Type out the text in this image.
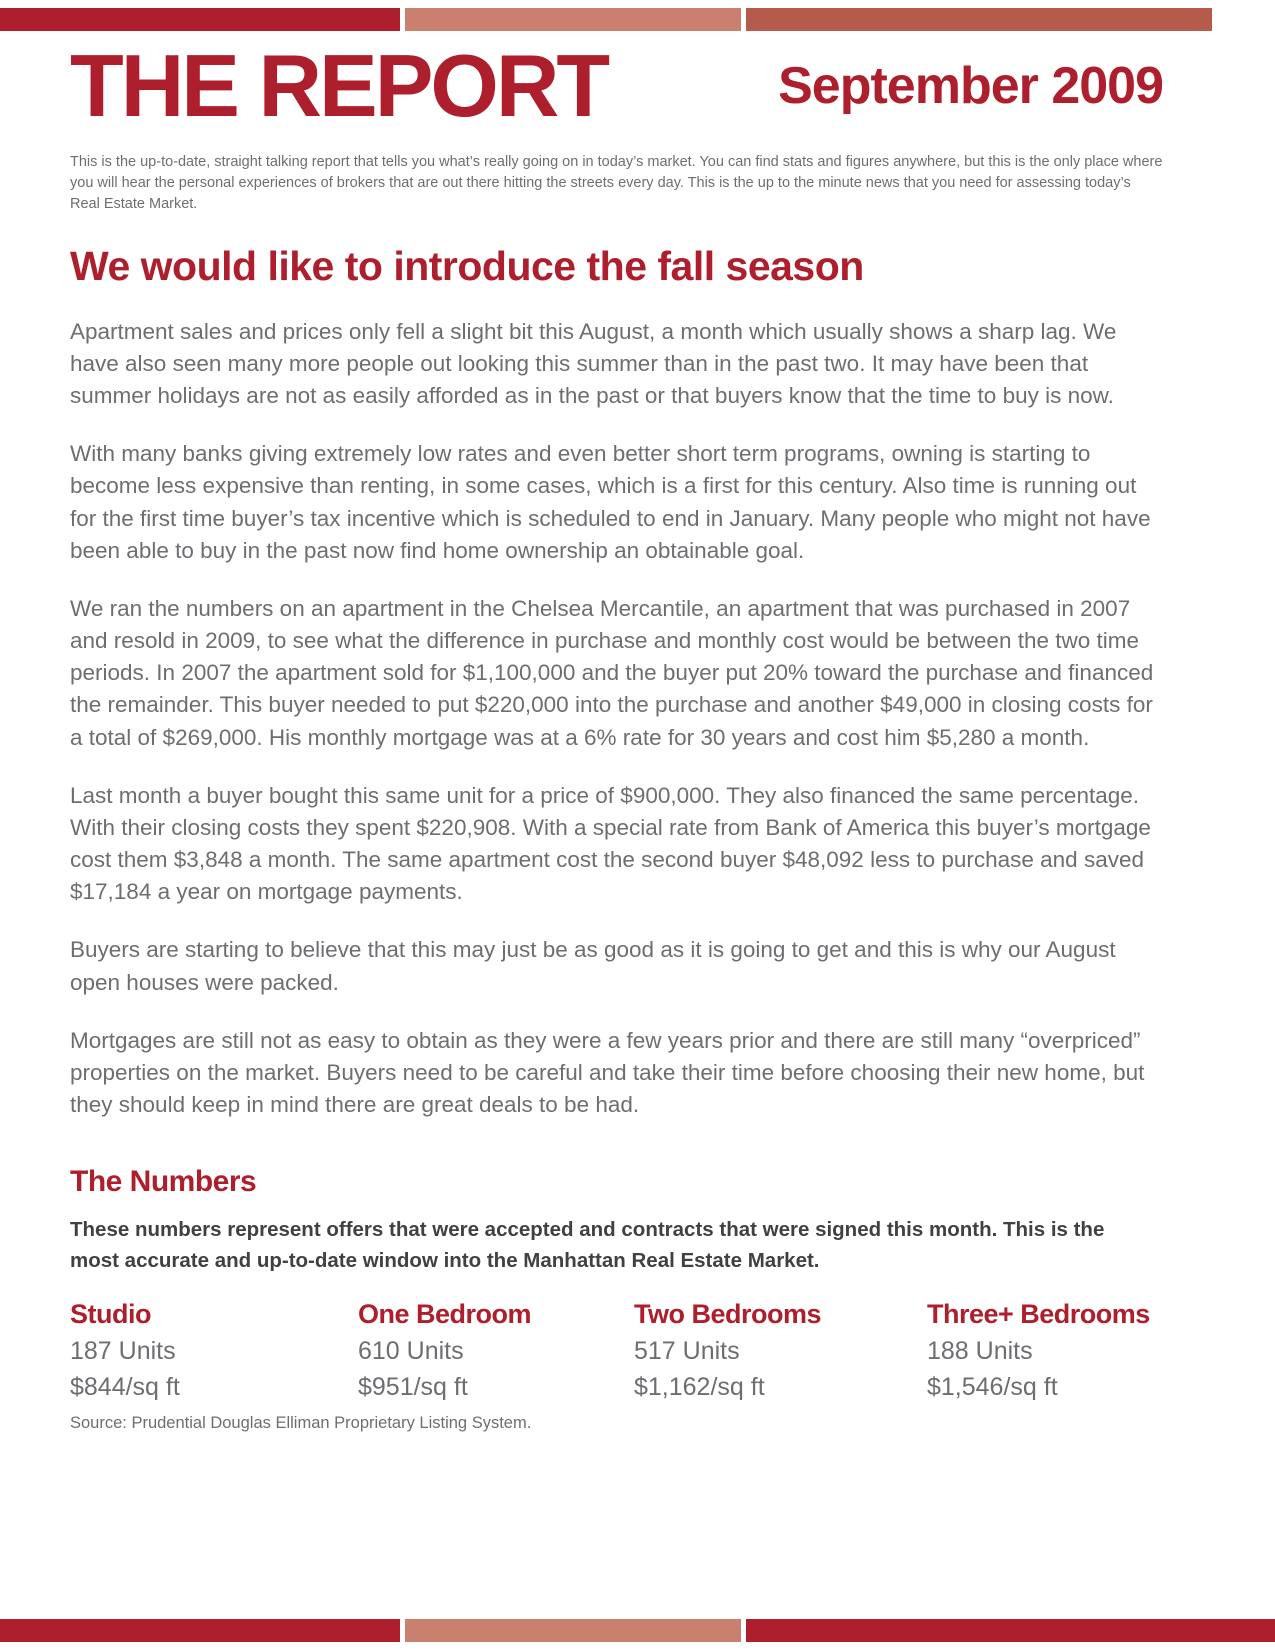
THE REPORT	September 2009

This is the up-to-date, straight talking report that tells you what’s really going on in today’s market. You can find stats and figures anywhere, but this is the only place where you will hear the personal experiences of brokers that are out there hitting the streets every day. This is the up to the minute news that you need for assessing today’s Real Estate Market.

We would like to introduce the fall season

Apartment sales and prices only fell a slight bit this August, a month which usually shows a sharp lag. We have also seen many more people out looking this summer than in the past two. It may have been that summer holidays are not as easily afforded as in the past or that buyers know that the time to buy is now.

With many banks giving extremely low rates and even better short term programs, owning is starting to become less expensive than renting, in some cases, which is a first for this century. Also time is running out for the first time buyer’s tax incentive which is scheduled to end in January. Many people who might not have been able to buy in the past now find home ownership an obtainable goal.

We ran the numbers on an apartment in the Chelsea Mercantile, an apartment that was purchased in 2007 and resold in 2009, to see what the difference in purchase and monthly cost would be between the two time periods. In 2007 the apartment sold for $1,100,000 and the buyer put 20% toward the purchase and financed the remainder. This buyer needed to put $220,000 into the purchase and another $49,000 in closing costs for a total of $269,000. His monthly mortgage was at a 6% rate for 30 years and cost him $5,280 a month.

Last month a buyer bought this same unit for a price of $900,000. They also financed the same percentage. With their closing costs they spent $220,908. With a special rate from Bank of America this buyer’s mortgage cost them $3,848 a month. The same apartment cost the second buyer $48,092 less to purchase and saved $17,184 a year on mortgage payments.

Buyers are starting to believe that this may just be as good as it is going to get and this is why our August open houses were packed.

Mortgages are still not as easy to obtain as they were a few years prior and there are still many “overpriced” properties on the market. Buyers need to be careful and take their time before choosing their new home, but they should keep in mind there are great deals to be had.

The Numbers

These numbers represent offers that were accepted and contracts that were signed this month. This is the most accurate and up-to-date window into the Manhattan Real Estate Market.

Studio
187 Units
$844/sq ft
One Bedroom
610 Units
$951/sq ft
Two Bedrooms
517 Units
$1,162/sq ft
Three+ Bedrooms
188 Units
$1,546/sq ft

Source: Prudential Douglas Elliman Proprietary Listing System.
